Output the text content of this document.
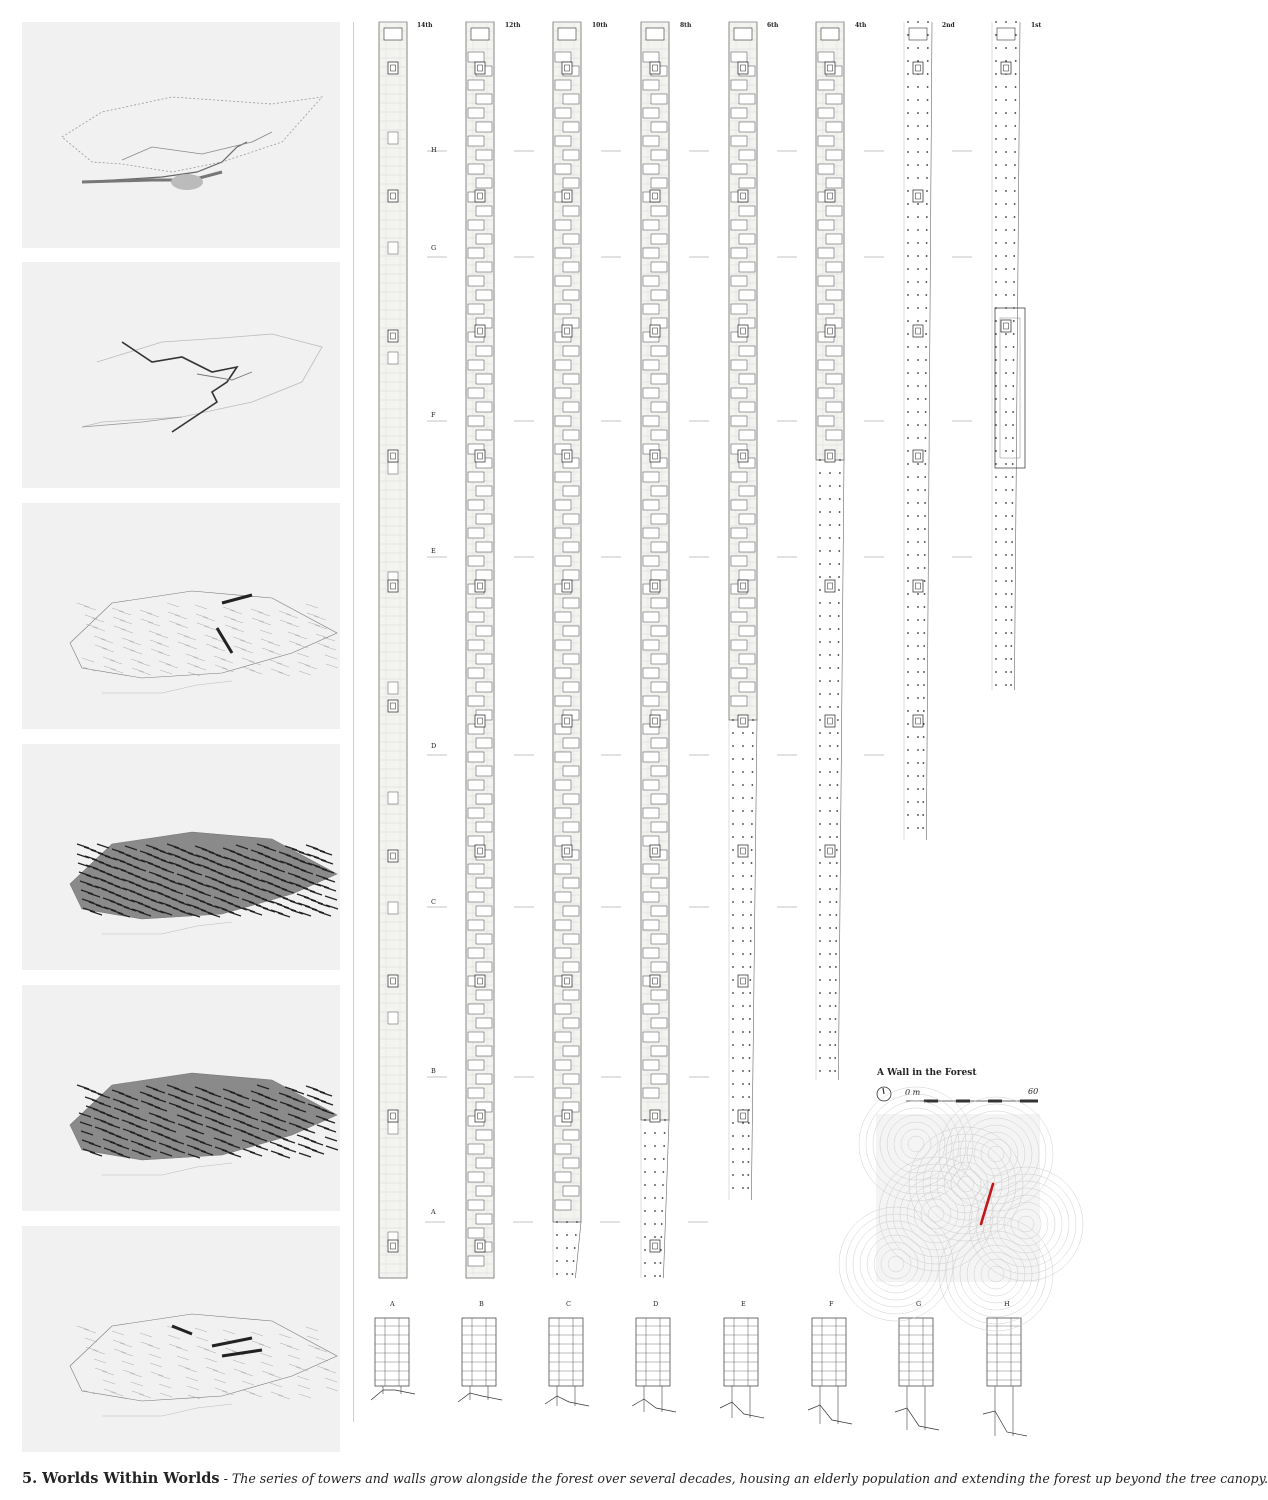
14th	12th	10th	8th	6th	4th	2nd	1st
H
G
F
E
D
C
B
A
A	B	C	D	E	F	G	H
A Wall in the Forest
0 m	60
5. Worlds Within Worlds - The series of towers and walls grow alongside the forest over several decades, housing an elderly population and extending the forest up beyond the tree canopy.
